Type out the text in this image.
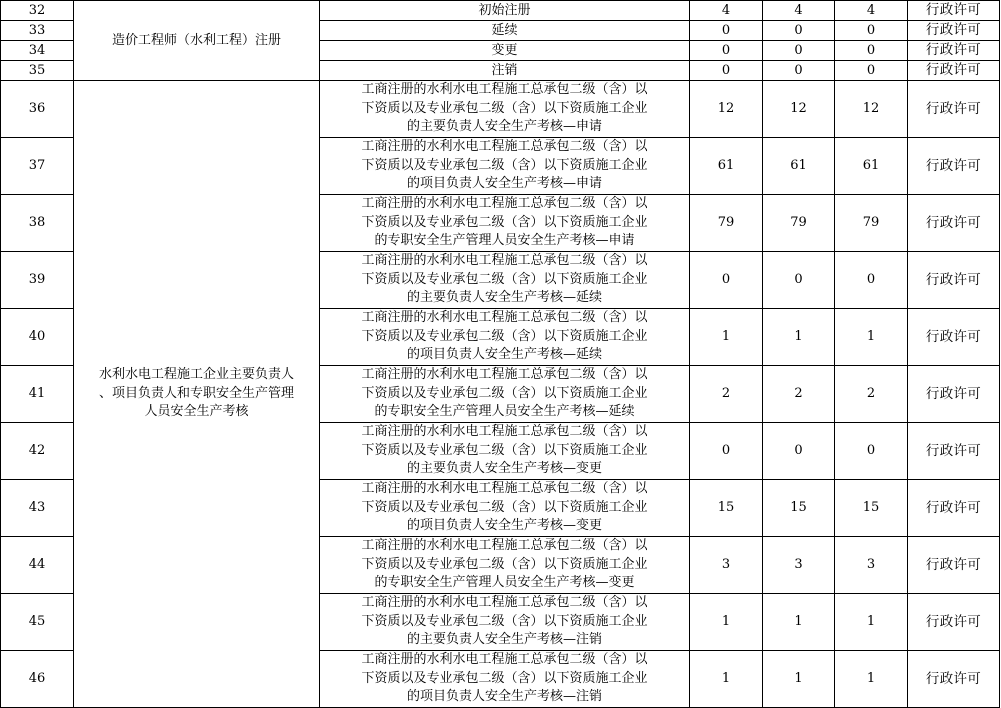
32	造价工程师（水利工程）注册	初始注册	4	4	4	行政许可
33		延续	0	0	0	行政许可
34		变更	0	0	0	行政许可
35		注销	0	0	0	行政许可
36	水利水电工程施工企业主要负责人
、项目负责人和专职安全生产管理
人员安全生产考核	工商注册的水利水电工程施工总承包二级（含）以
下资质以及专业承包二级（含）以下资质施工企业
的主要负责人安全生产考核—申请	12	12	12	行政许可
37		工商注册的水利水电工程施工总承包二级（含）以
下资质以及专业承包二级（含）以下资质施工企业
的项目负责人安全生产考核—申请	61	61	61	行政许可
38		工商注册的水利水电工程施工总承包二级（含）以
下资质以及专业承包二级（含）以下资质施工企业
的专职安全生产管理人员安全生产考核—申请	79	79	79	行政许可
39		工商注册的水利水电工程施工总承包二级（含）以
下资质以及专业承包二级（含）以下资质施工企业
的主要负责人安全生产考核—延续	0	0	0	行政许可
40		工商注册的水利水电工程施工总承包二级（含）以
下资质以及专业承包二级（含）以下资质施工企业
的项目负责人安全生产考核—延续	1	1	1	行政许可
41		工商注册的水利水电工程施工总承包二级（含）以
下资质以及专业承包二级（含）以下资质施工企业
的专职安全生产管理人员安全生产考核—延续	2	2	2	行政许可
42		工商注册的水利水电工程施工总承包二级（含）以
下资质以及专业承包二级（含）以下资质施工企业
的主要负责人安全生产考核—变更	0	0	0	行政许可
43		工商注册的水利水电工程施工总承包二级（含）以
下资质以及专业承包二级（含）以下资质施工企业
的项目负责人安全生产考核—变更	15	15	15	行政许可
44		工商注册的水利水电工程施工总承包二级（含）以
下资质以及专业承包二级（含）以下资质施工企业
的专职安全生产管理人员安全生产考核—变更	3	3	3	行政许可
45		工商注册的水利水电工程施工总承包二级（含）以
下资质以及专业承包二级（含）以下资质施工企业
的主要负责人安全生产考核—注销	1	1	1	行政许可
46		工商注册的水利水电工程施工总承包二级（含）以
下资质以及专业承包二级（含）以下资质施工企业
的项目负责人安全生产考核—注销	1	1	1	行政许可
